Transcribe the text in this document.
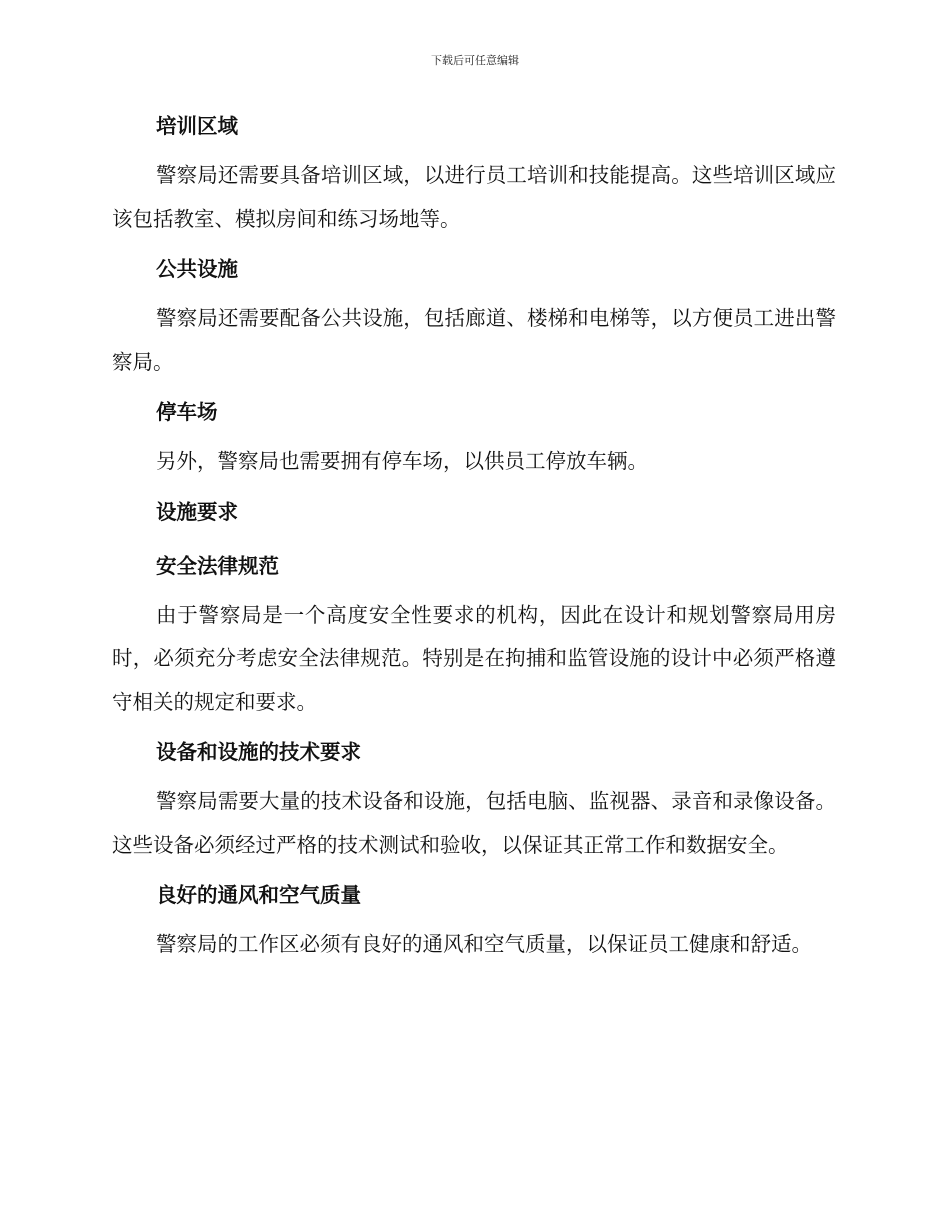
下载后可任意编辑
培训区域

警察局还需要具备培训区域，以进行员工培训和技能提高。这些培训区域应该包括教室、模拟房间和练习场地等。

公共设施

警察局还需要配备公共设施，包括廊道、楼梯和电梯等，以方便员工进出警察局。

停车场

另外，警察局也需要拥有停车场，以供员工停放车辆。

设施要求
安全法律规范

由于警察局是一个高度安全性要求的机构，因此在设计和规划警察局用房时，必须充分考虑安全法律规范。特别是在拘捕和监管设施的设计中必须严格遵守相关的规定和要求。

设备和设施的技术要求

警察局需要大量的技术设备和设施，包括电脑、监视器、录音和录像设备。这些设备必须经过严格的技术测试和验收，以保证其正常工作和数据安全。

良好的通风和空气质量

警察局的工作区必须有良好的通风和空气质量，以保证员工健康和舒适。
